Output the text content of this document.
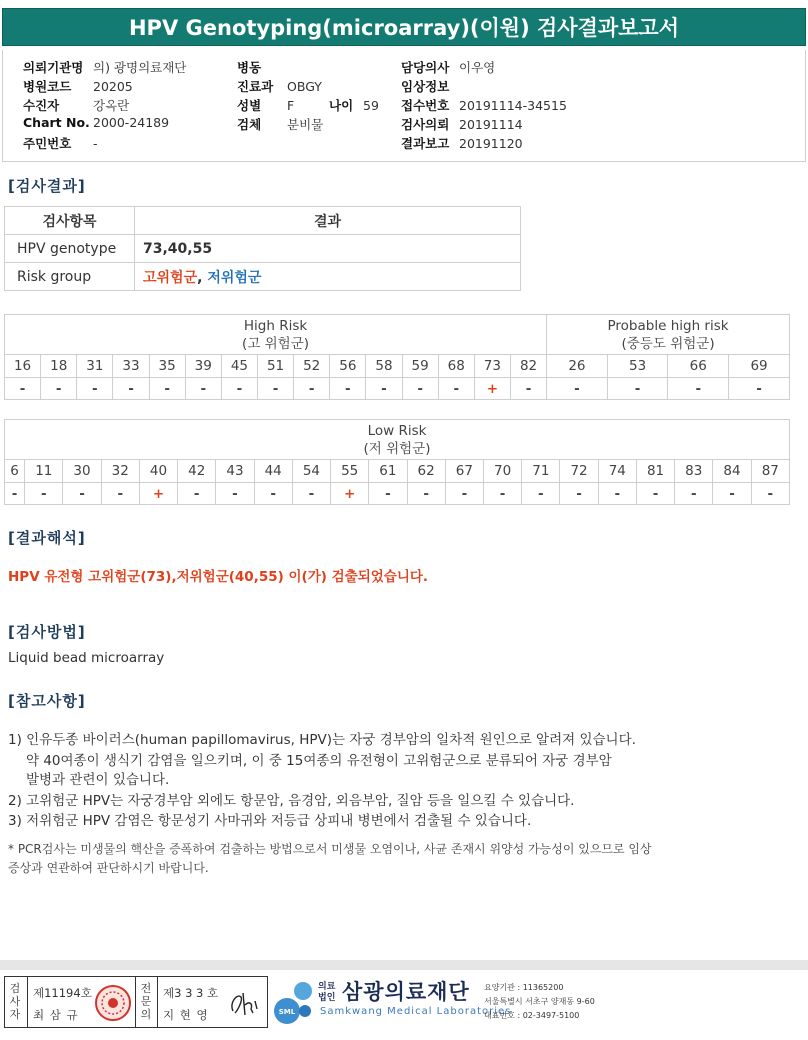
HPV Genotyping(microarray)(이원) 검사결과보고서
의뢰기관명 의) 광명의료재단
병원코드 20205
수진자	강옥란
Chart No. 2000-24189
주민번호 -
병동
진료과 OBGY
성별 F	나이 59
검체 분비물
담당의사 이우영
임상정보
접수번호 20191114-34515
검사의뢰 20191114
결과보고 20191120
[검사결과]
검사항목	결과
HPV genotype	73,40,55
Risk group	고위험군, 저위험군
High Risk
(고 위험군)															Probable high risk
(중등도 위험군)			
16	18	31	33	35	39	45	51	52	56	58	59	68	73	82	26	53	66	69
-	-	-	-	-	-	-	-	-	-	-	-	-	+	-	-	-	-	-
Low Risk
(저 위험군)																				
6	11	30	32	40	42	43	44	54	55	61	62	67	70	71	72	74	81	83	84	87
-	-	-	-	+	-	-	-	-	+	-	-	-	-	-	-	-	-	-	-	-
[결과해석]
HPV 유전형 고위험군(73),저위험군(40,55) 이(가) 검출되었습니다.
[검사방법]
Liquid bead microarray
[참고사항]
1) 인유두종 바이러스(human papillomavirus, HPV)는 자궁 경부암의 일차적 원인으로 알려져 있습니다.
약 40여종이 생식기 감염을 일으키며, 이 중 15여종의 유전형이 고위험군으로 분류되어 자궁 경부암
발병과 관련이 있습니다.
2) 고위험군 HPV는 자궁경부암 외에도 항문암, 음경암, 외음부암, 질암 등을 일으킬 수 있습니다.
3) 저위험군 HPV 감염은 항문성기 사마귀와 저등급 상피내 병변에서 검출될 수 있습니다.
* PCR검사는 미생물의 핵산을 증폭하여 검출하는 방법으로서 미생물 오염이나, 사균 존재시 위양성 가능성이 있으므로 임상
증상과 연관하여 판단하시기 바랍니다.
검사자
제11194호
최 삼 규
전문의
제3 3 3 호
지 현 영	SML
의료
법인 삼광의료재단
Samkwang Medical Laboratories
요양기관 : 11365200
서울특별시 서초구 양재동 9-60
대표번호 : 02-3497-5100
